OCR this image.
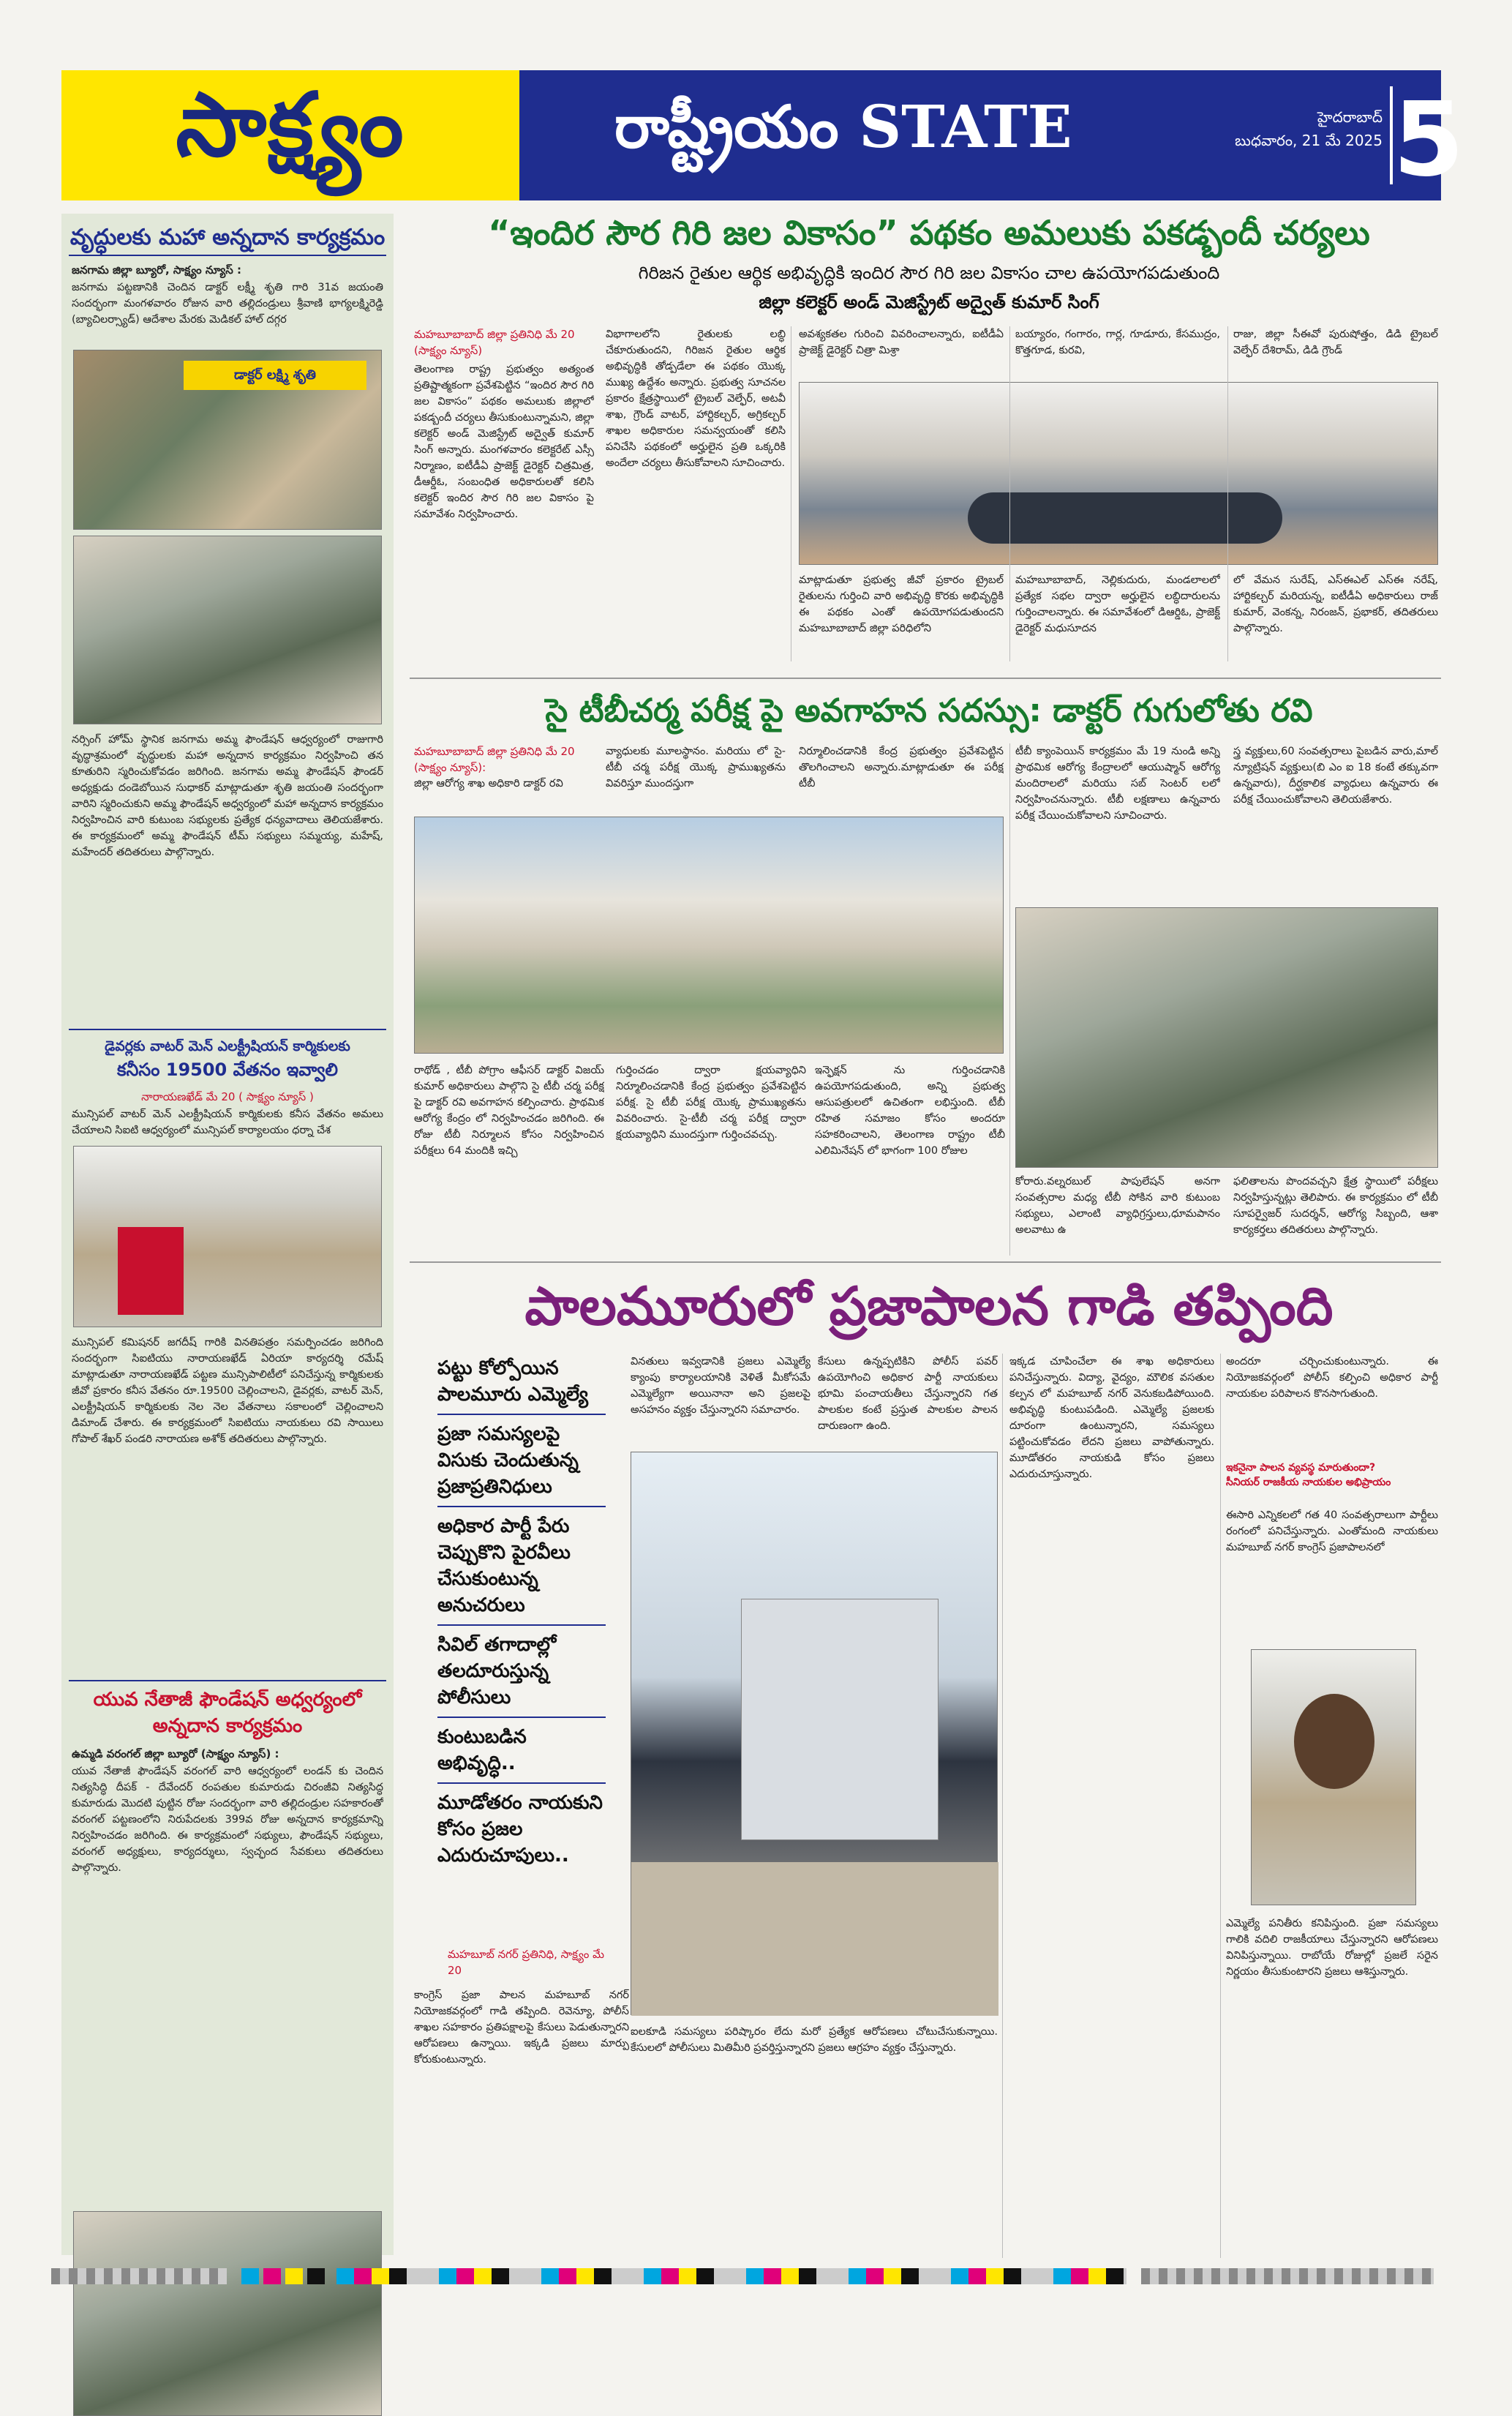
సాక్ష్యం	రాష్ట్రీయం STATE	హైదరాబాద్
బుధవారం, 21 మే 2025 5
వృద్ధులకు మహా అన్నదాన కార్యక్రమం
జనగామ జిల్లా బ్యూరో, సాక్ష్యం న్యూస్ :
జనగామ పట్టణానికి చెందిన డాక్టర్ లక్ష్మీ శృతి గారి 31వ జయంతి సందర్భంగా మంగళవారం రోజున వారి తల్లిదండ్రులు శ్రీవాణి భాగ్యలక్ష్మిరెడ్డి (బ్యాచిలర్స్యాడ్) ఆదేశాల మేరకు మెడికల్ హాల్ దగ్గర
డాక్టర్ లక్ష్మి శృతి
నర్సింగ్ హోమ్ స్థానిక జనగామ అమ్మ ఫౌండేషన్ ఆధ్వర్యంలో రాజుగారి వృద్ధాశ్రమంలో వృద్ధులకు మహా అన్నదాన కార్యక్రమం నిర్వహించి తన కూతురిని స్మరించుకోవడం జరిగింది. జనగామ అమ్మ ఫౌండేషన్ ఫౌండర్ అధ్యక్షుడు దండెబోయిన సుధాకర్ మాట్లాడుతూ శృతి జయంతి సందర్భంగా వారిని స్మరించుకుని అమ్మ ఫౌండేషన్ అధ్వర్యంలో మహా అన్నదాన కార్యక్రమం నిర్వహించిన వారి కుటుంబ సభ్యులకు ప్రత్యేక ధన్యవాదాలు తెలియజేశారు. ఈ కార్యక్రమంలో అమ్మ ఫౌండేషన్ టీమ్ సభ్యులు సమ్మయ్య, మహేష్, మహేందర్ తదితరులు పాల్గొన్నారు.
డైవర్లకు వాటర్ మెన్ ఎలక్ట్రీషియన్ కార్మికులకు
కనీసం 19500 వేతనం ఇవ్వాలి
నారాయణఖేడ్ మే 20 ( సాక్ష్యం న్యూస్ )
మున్సిపల్ వాటర్ మెన్ ఎలక్ట్రీషియన్ కార్మికులకు కనీస వేతనం అమలు చేయాలని సిఐటి ఆధ్వర్యంలో మున్సిపల్ కార్యాలయం ధర్నా చేశ
మున్సిపల్ కమిషనర్ జగదీష్ గారికి వినతిపత్రం సమర్పించడం జరిగింది సందర్భంగా సిఐటియు నారాయణఖేడ్ ఏరియా కార్యదర్శి రమేష్ మాట్లాడుతూ నారాయణఖేడ్ పట్టణ మున్సిపాలిటీలో పనిచేస్తున్న కార్మికులకు జీవో ప్రకారం కనీస వేతనం రూ.19500 చెల్లించాలని, డైవర్లకు, వాటర్ మెన్, ఎలక్ట్రీషియన్ కార్మికులకు నెల నెల వేతనాలు సకాలంలో చెల్లించాలని డిమాండ్ చేశారు. ఈ కార్యక్రమంలో సిఐటియు నాయకులు రవి సాయిలు గోపాల్ శేఖర్ పండరి నారాయణ అశోక్ తదితరులు పాల్గొన్నారు.
యువ నేతాజీ ఫౌండేషన్ అధ్వర్యంలో
అన్నదాన కార్యక్రమం
ఉమ్మడి వరంగల్ జిల్లా బ్యూరో (సాక్ష్యం న్యూస్) :
యువ నేతాజీ ఫౌండేషన్ వరంగల్ వారి ఆధ్వర్యంలో లండన్ కు చెందిన నిత్యసిద్ధి దీపక్ - దేవేందర్ రంపతుల కుమారుడు చిరంజీవి నిత్యసిద్ధ కుమారుడు మొదటి పుట్టిన రోజు సందర్భంగా వారి తల్లిదండ్రుల సహకారంతో వరంగల్ పట్టణంలోని నిరుపేదలకు 399వ రోజు అన్నదాన కార్యక్రమాన్ని నిర్వహించడం జరిగింది. ఈ కార్యక్రమంలో సభ్యులు, ఫౌండేషన్ సభ్యులు, వరంగల్ అధ్యక్షులు, కార్యదర్శులు, స్వచ్ఛంద సేవకులు తదితరులు పాల్గొన్నారు.
“ఇందిర సౌర గిరి జల వికాసం” పథకం అమలుకు పకడ్బందీ చర్యలు
గిరిజన రైతుల ఆర్థిక అభివృద్ధికి ఇందిర సౌర గిరి జల వికాసం చాల ఉపయోగపడుతుంది
జిల్లా కలెక్టర్ అండ్ మెజిస్ట్రేట్ అద్వైత్ కుమార్ సింగ్
మహబూబాబాద్ జిల్లా ప్రతినిధి మే 20 (సాక్ష్యం న్యూస్)
తెలంగాణ రాష్ట్ర ప్రభుత్వం అత్యంత ప్రతిష్టాత్మకంగా ప్రవేశపెట్టిన “ఇందిర సౌర గిరి జల వికాసం” పథకం అమలుకు జిల్లాలో పకడ్బందీ చర్యలు తీసుకుంటున్నామని, జిల్లా కలెక్టర్ అండ్ మెజిస్ట్రేట్ అద్వైత్ కుమార్ సింగ్ అన్నారు. మంగళవారం కలెక్టరేట్ ఎస్సీ నిర్మాణం, ఐటీడీఏ ప్రాజెక్ట్ డైరెక్టర్ చిత్రమిత్ర, డీఆర్డీఓ, సంబంధిత అధికారులతో కలిసి కలెక్టర్ ఇందిర సౌర గిరి జల వికాసం పై సమావేశం నిర్వహించారు.
విభాగాలలోని రైతులకు లబ్ధి చేకూరుతుందని, గిరిజన రైతుల ఆర్థిక అభివృద్ధికి తోడ్పడేలా ఈ పథకం యొక్క ముఖ్య ఉద్దేశం అన్నారు. ప్రభుత్వ సూచనల ప్రకారం క్షేత్రస్థాయిలో ట్రైబల్ వెల్ఫేర్, అటవీ శాఖ, గ్రౌండ్ వాటర్, హార్టికల్చర్, అగ్రికల్చర్ శాఖల అధికారుల సమన్వయంతో కలిసి పనిచేసి పథకంలో అర్హులైన ప్రతి ఒక్కరికి అందేలా చర్యలు తీసుకోవాలని సూచించారు.
అవశ్యకతల గురించి వివరించాలన్నారు, ఐటీడీఏ ప్రాజెక్ట్ డైరెక్టర్ చిత్రా మిశ్రా
బయ్యారం, గంగారం, గార్ల, గూడూరు, కేసముద్రం, కొత్తగూడ, కురవి,
రాజు, జిల్లా సీఈవో పురుషోత్తం, డిడి ట్రైబల్ వెల్ఫేర్ దేశిరామ్, డిడి గ్రౌండ్
మాట్లాడుతూ ప్రభుత్వ జీవో ప్రకారం ట్రైబల్ రైతులను గుర్తించి వారి అభివృద్ధి కొరకు అభివృద్ధికి ఈ పథకం ఎంతో ఉపయోగపడుతుందని మహబూబాబాద్ జిల్లా పరిధిలోని
మహబూబాబాద్, నెల్లికుదురు, మండలాలలో ప్రత్యేక సభల ద్వారా అర్హులైన లబ్ధిదారులను గుర్తించాలన్నారు. ఈ సమావేశంలో డిఆర్డిఓ, ప్రాజెక్ట్ డైరెక్టర్ మధుసూదన
లో వేమన సురేష్, ఎస్ఈఎల్ ఎస్ఈ నరేష్, హార్టికల్చర్ మరియన్న, ఐటీడీఏ అధికారులు రాజ్ కుమార్, వెంకన్న, నిరంజన్, ప్రభాకర్, తదితరులు పాల్గొన్నారు.
సై టీబీచర్మ పరీక్ష పై అవగాహన సదస్సు: డాక్టర్ గుగులోతు రవి
మహబూబాబాద్ జిల్లా ప్రతినిధి మే 20 (సాక్ష్యం న్యూస్):
జిల్లా ఆరోగ్య శాఖ అధికారి డాక్టర్ రవి
వ్యాధులకు మూలస్థానం. మరియు లో సై-టీబీ చర్మ పరీక్ష యొక్క ప్రాముఖ్యతను వివరిస్తూ ముందస్తుగా
నిర్మూలించడానికి కేంద్ర ప్రభుత్వం ప్రవేశపెట్టిన తొలగించాలని అన్నారు.మాట్లాడుతూ ఈ పరీక్ష టీబీ
టీబీ క్యాంపెయిన్ కార్యక్రమం మే 19 నుండి అన్ని ప్రాథమిక ఆరోగ్య కేంద్రాలలో ఆయుష్మాన్ ఆరోగ్య మందిరాలలో మరియు సబ్ సెంటర్ లలో నిర్వహించనున్నారు. టీబీ లక్షణాలు ఉన్నవారు పరీక్ష చేయించుకోవాలని సూచించారు.
స్త్ర వ్యక్తులు,60 సంవత్సరాలు పైబడిన వారు,మాల్ న్యూట్రిషన్ వ్యక్తులు(బి ఎం ఐ 18 కంటే తక్కువగా ఉన్నవారు), దీర్ఘకాలిక వ్యాధులు ఉన్నవారు ఈ పరీక్ష చేయించుకోవాలని తెలియజేశారు.
రాథోడ్ , టీబీ పోగ్రాం ఆఫీసర్ డాక్టర్ విజయ్ కుమార్ అధికారులు పాల్గొని సై టీబీ చర్మ పరీక్ష పై డాక్టర్ రవి అవగాహన కల్పించారు. ప్రాథమిక ఆరోగ్య కేంద్రం లో నిర్వహించడం జరిగింది. ఈ రోజు టీబీ నిర్మూలన కోసం నిర్వహించిన పరీక్షలు 64 మందికి ఇచ్చి
గుర్తించడం ద్వారా క్షయవ్యాధిని నిర్మూలించడానికి కేంద్ర ప్రభుత్వం ప్రవేశపెట్టిన పరీక్ష. సై టీబీ పరీక్ష యొక్క ప్రాముఖ్యతను వివరించారు. సై-టీబీ చర్మ పరీక్ష ద్వారా క్షయవ్యాధిని ముందస్తుగా గుర్తించవచ్చు.
ఇన్ఫెక్షన్ ను గుర్తించడానికి ఉపయోగపడుతుంది, అన్ని ప్రభుత్వ ఆసుపత్రులలో ఉచితంగా లభిస్తుంది. టీబీ రహిత సమాజం కోసం అందరూ సహకరించాలని, తెలంగాణ రాష్ట్రం టీబీ ఎలిమినేషన్ లో భాగంగా 100 రోజుల
కోరారు.వల్నరబుల్ పాపులేషన్ అనగా సంవత్సరాల మధ్య టీబీ సోకిన వారి కుటుంబ సభ్యులు, ఎలాంటి వ్యాధిగ్రస్తులు,ధూమపానం అలవాటు ఉ
ఫలితాలను పొందవచ్చని క్షేత్ర స్థాయిలో పరీక్షలు నిర్వహిస్తున్నట్లు తెలిపారు. ఈ కార్యక్రమం లో టీబీ సూపర్వైజర్ సుదర్శన్, ఆరోగ్య సిబ్బంది, ఆశా కార్యకర్తలు తదితరులు పాల్గొన్నారు.
పాలమూరులో ప్రజాపాలన గాడి తప్పింది
పట్టు కోల్పోయిన పాలమూరు ఎమ్మెల్యే
ప్రజా సమస్యలపై విసుకు చెందుతున్న ప్రజాప్రతినిధులు
అధికార పార్టీ పేరు చెప్పుకొని పైరవీలు చేసుకుంటున్న అనుచరులు
సివిల్ తగాదాల్లో తలదూరుస్తున్న పోలీసులు
కుంటుబడిన అభివృద్ధి..
మూడోతరం నాయకుని కోసం ప్రజల ఎదురుచూపులు..
మహబూబ్ నగర్ ప్రతినిధి, సాక్ష్యం మే 20
వినతులు ఇవ్వడానికి ప్రజలు ఎమ్మెల్యే క్యాంపు కార్యాలయానికి వెళితే మీకోసమే ఎమ్మెల్యేగా అయినానా అని ప్రజలపై అసహనం వ్యక్తం చేస్తున్నారని సమాచారం.
కేసులు ఉన్నప్పటికిని పోలీస్ పవర్ ఉపయోగించి అధికార పార్టీ నాయకులు భూమి పంచాయతీలు చేస్తున్నారని గత పాలకుల కంటే ప్రస్తుత పాలకుల పాలన దారుణంగా ఉంది.
కాంగ్రెస్ ప్రజా పాలన మహబూబ్ నగర్ నియోజకవర్గంలో గాడి తప్పింది. రెవెన్యూ, పోలీస్ శాఖల సహకారం ప్రతిపక్షాలపై కేసులు పెడుతున్నారని ఆరోపణలు ఉన్నాయి. ఇక్కడి ప్రజలు మార్పు కోరుకుంటున్నారు.
ఐలకూడి సమస్యలు పరిష్కారం లేదు మరో ప్రత్యేక ఆరోపణలు చోటుచేసుకున్నాయి. కేసులలో పోలీసులు మితిమీరి ప్రవర్తిస్తున్నారని ప్రజలు ఆగ్రహం వ్యక్తం చేస్తున్నారు.
ఇక్కడ చూపించేలా ఈ శాఖ అధికారులు పనిచేస్తున్నారు. విద్యా, వైద్యం, మౌలిక వసతుల కల్పన లో మహబూబ్ నగర్ వెనుకబడిపోయింది. అభివృద్ధి కుంటుపడింది. ఎమ్మెల్యే ప్రజలకు దూరంగా ఉంటున్నారని, సమస్యలు పట్టించుకోవడం లేదని ప్రజలు వాపోతున్నారు. మూడోతరం నాయకుడి కోసం ప్రజలు ఎదురుచూస్తున్నారు.
అందరూ చర్చించుకుంటున్నారు. ఈ నియోజకవర్గంలో పోలీస్ కల్పించి అధికార పార్టీ నాయకుల పరిపాలన కొనసాగుతుంది.
ఇకనైనా పాలన వ్యవస్థ మారుతుందా?
సీనియర్ రాజకీయ నాయకుల అభిప్రాయం
ఈసారి ఎన్నికలలో గత 40 సంవత్సరాలుగా పార్టీలు రంగంలో పనిచేస్తున్నారు. ఎంతోమంది నాయకులు మహబూబ్ నగర్ కాంగ్రెస్ ప్రజాపాలనలో
ఎమ్మెల్యే పనితీరు కనిపిస్తుంది. ప్రజా సమస్యలు గాలికి వదిలి రాజకీయాలు చేస్తున్నారని ఆరోపణలు వినిపిస్తున్నాయి. రాబోయే రోజుల్లో ప్రజలే సరైన నిర్ణయం తీసుకుంటారని ప్రజలు ఆశిస్తున్నారు.
